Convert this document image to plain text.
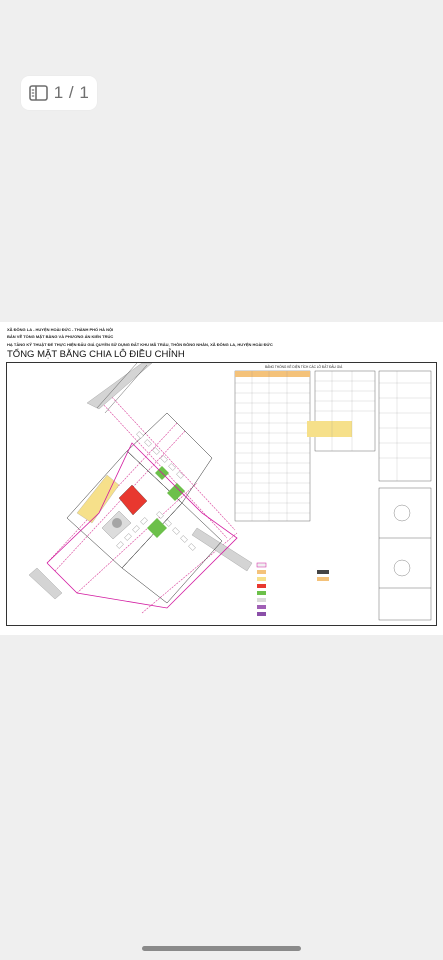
1 / 1
XÃ ĐÔNG LA - HUYỆN HOÀI ĐỨC - THÀNH PHỐ HÀ NỘI
BẢN VẼ TỔNG MẶT BẰNG VÀ PHƯƠNG ÁN KIẾN TRÚC
HẠ TẦNG KỸ THUẬT ĐỂ THỰC HIỆN ĐẤU GIÁ QUYỀN SỬ DỤNG ĐẤT KHU MÃ TRÂU, THÔN ĐÔNG NHÂN, XÃ ĐÔNG LA, HUYỆN HOÀI ĐỨC
TỔNG MẶT BẰNG CHIA LÔ ĐIỀU CHỈNH
BẢNG THỐNG KÊ DIỆN TÍCH CÁC LÔ ĐẤT ĐẤU GIÁ
